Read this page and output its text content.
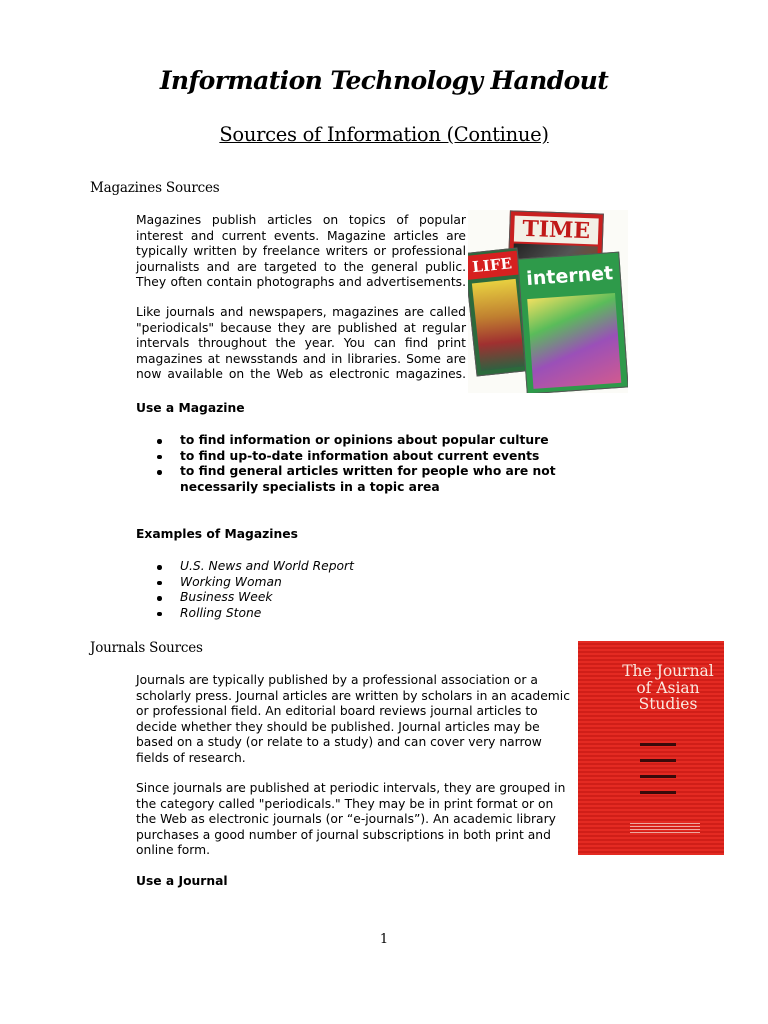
Information Technology Handout
Sources of Information (Continue)
Magazines Sources

Magazines publish articles on topics of popular interest and current events. Magazine articles are typically written by freelance writers or professional journalists and are targeted to the general public. They often contain photographs and advertisements.

Like journals and newspapers, magazines are called "periodicals" because they are published at regular intervals throughout the year. You can find print magazines at newsstands and in libraries. Some are now available on the Web as electronic magazines.

TIME
LIFE internet
Use a Magazine
to find information or opinions about popular culture
to find up-to-date information about current events
to find general articles written for people who are not necessarily specialists in a topic area
Examples of Magazines
U.S. News and World Report
Working Woman
Business Week
Rolling Stone
Journals Sources

Journals are typically published by a professional association or a scholarly press. Journal articles are written by scholars in an academic or professional field. An editorial board reviews journal articles to decide whether they should be published. Journal articles may be based on a study (or relate to a study) and can cover very narrow fields of research.

Since journals are published at periodic intervals, they are grouped in the category called "periodicals." They may be in print format or on the Web as electronic journals (or “e-journals”). An academic library purchases a good number of journal subscriptions in both print and online form.

The Journal of Asian Studies
Use a Journal
1
